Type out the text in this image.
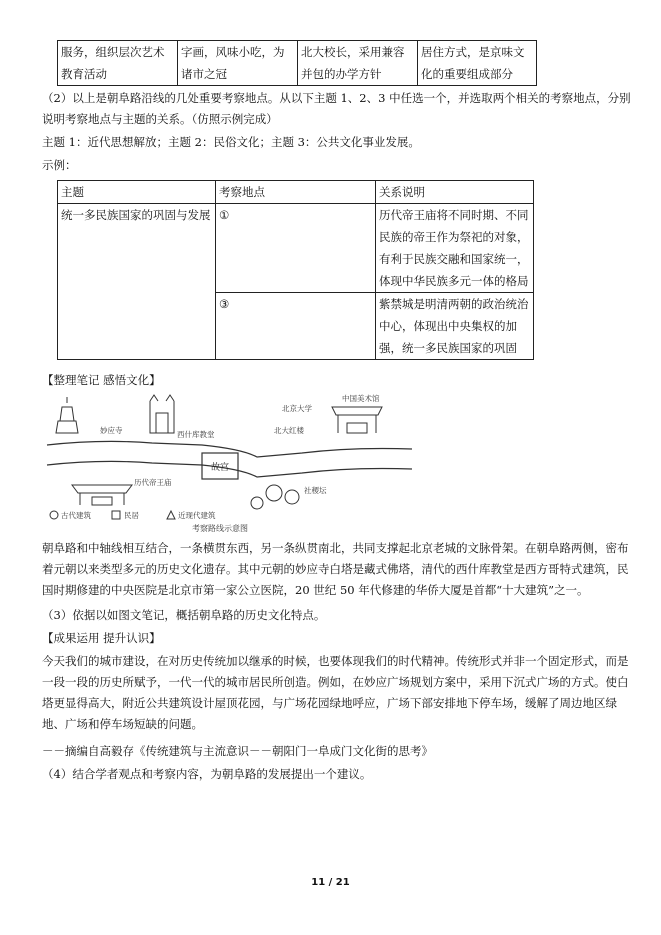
服务，组织层次艺术教育活动	字画，风味小吃，为诸市之冠	北大校长，采用兼容并包的办学方针	居住方式，是京味文化的重要组成部分

（2）以上是朝阜路沿线的几处重要考察地点。从以下主题 1、2、3 中任选一个，并选取两个相关的考察地点，分别说明考察地点与主题的关系。（仿照示例完成）

主题 1：近代思想解放；主题 2：民俗文化；主题 3：公共文化事业发展。

示例：

主题	考察地点	关系说明
统一多民族国家的巩固与发展	①	历代帝王庙将不同时期、不同民族的帝王作为祭祀的对象，有利于民族交融和国家统一，体现中华民族多元一体的格局
	③	紫禁城是明清两朝的政治统治中心，体现出中央集权的加强，统一多民族国家的巩固

【整理笔记 感悟文化】

故宫
妙应寺	西什库教堂	北大红楼
北京大学
中国美术馆
历代帝王庙
社稷坛
古代建筑	民居	近现代建筑
考察路线示意图

朝阜路和中轴线相互结合，一条横贯东西，另一条纵贯南北，共同支撑起北京老城的文脉骨架。在朝阜路两侧，密布着元朝以来类型多元的历史文化遗存。其中元朝的妙应寺白塔是藏式佛塔，清代的西什库教堂是西方哥特式建筑，民国时期修建的中央医院是北京市第一家公立医院，20 世纪 50 年代修建的华侨大厦是首都“十大建筑”之一。

（3）依据以如图文笔记，概括朝阜路的历史文化特点。

【成果运用 提升认识】

今天我们的城市建设，在对历史传统加以继承的时候，也要体现我们的时代精神。传统形式并非一个固定形式，而是一段一段的历史所赋予，一代一代的城市居民所创造。例如，在妙应广场规划方案中，采用下沉式广场的方式。使白塔更显得高大，附近公共建筑设计屋顶花园，与广场花园绿地呼应，广场下部安排地下停车场，缓解了周边地区绿地、广场和停车场短缺的问题。

－－摘编自高毅存《传统建筑与主流意识－－朝阳门一阜成门文化街的思考》

（4）结合学者观点和考察内容，为朝阜路的发展提出一个建议。

11 / 21
